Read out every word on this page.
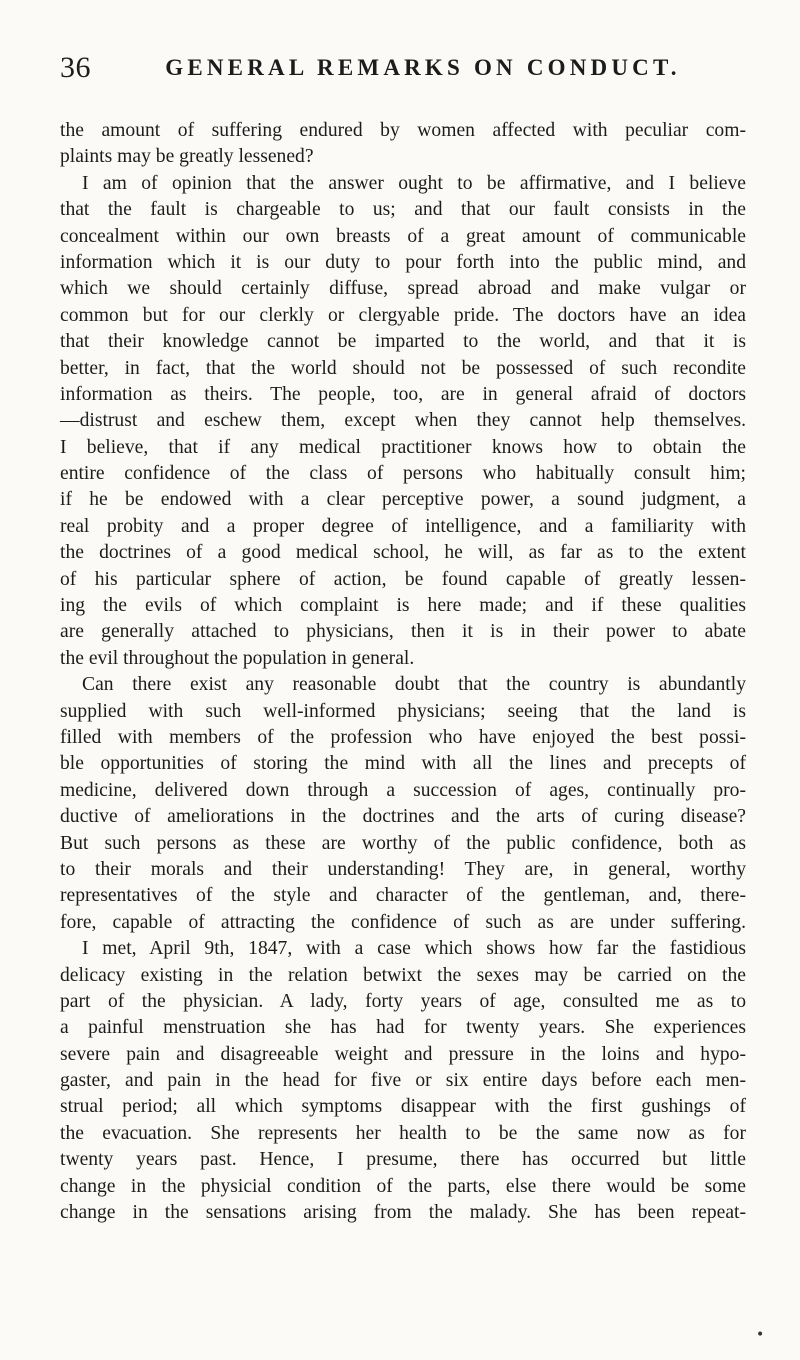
36	GENERAL REMARKS ON CONDUCT.
the amount of suffering endured by women affected with peculiar com-
plaints may be greatly lessened?
I am of opinion that the answer ought to be affirmative, and I believe
that the fault is chargeable to us; and that our fault consists in the
concealment within our own breasts of a great amount of communicable
information which it is our duty to pour forth into the public mind, and
which we should certainly diffuse, spread abroad and make vulgar or
common but for our clerkly or clergyable pride. The doctors have an idea
that their knowledge cannot be imparted to the world, and that it is
better, in fact, that the world should not be possessed of such recondite
information as theirs. The people, too, are in general afraid of doctors
—distrust and eschew them, except when they cannot help themselves.
I believe, that if any medical practitioner knows how to obtain the
entire confidence of the class of persons who habitually consult him;
if he be endowed with a clear perceptive power, a sound judgment, a
real probity and a proper degree of intelligence, and a familiarity with
the doctrines of a good medical school, he will, as far as to the extent
of his particular sphere of action, be found capable of greatly lessen-
ing the evils of which complaint is here made; and if these qualities
are generally attached to physicians, then it is in their power to abate
the evil throughout the population in general.
Can there exist any reasonable doubt that the country is abundantly
supplied with such well-informed physicians; seeing that the land is
filled with members of the profession who have enjoyed the best possi-
ble opportunities of storing the mind with all the lines and precepts of
medicine, delivered down through a succession of ages, continually pro-
ductive of ameliorations in the doctrines and the arts of curing disease?
But such persons as these are worthy of the public confidence, both as
to their morals and their understanding! They are, in general, worthy
representatives of the style and character of the gentleman, and, there-
fore, capable of attracting the confidence of such as are under suffering.
I met, April 9th, 1847, with a case which shows how far the fastidious
delicacy existing in the relation betwixt the sexes may be carried on the
part of the physician. A lady, forty years of age, consulted me as to
a painful menstruation she has had for twenty years. She experiences
severe pain and disagreeable weight and pressure in the loins and hypo-
gaster, and pain in the head for five or six entire days before each men-
strual period; all which symptoms disappear with the first gushings of
the evacuation. She represents her health to be the same now as for
twenty years past. Hence, I presume, there has occurred but little
change in the physicial condition of the parts, else there would be some
change in the sensations arising from the malady. She has been repeat-
•
